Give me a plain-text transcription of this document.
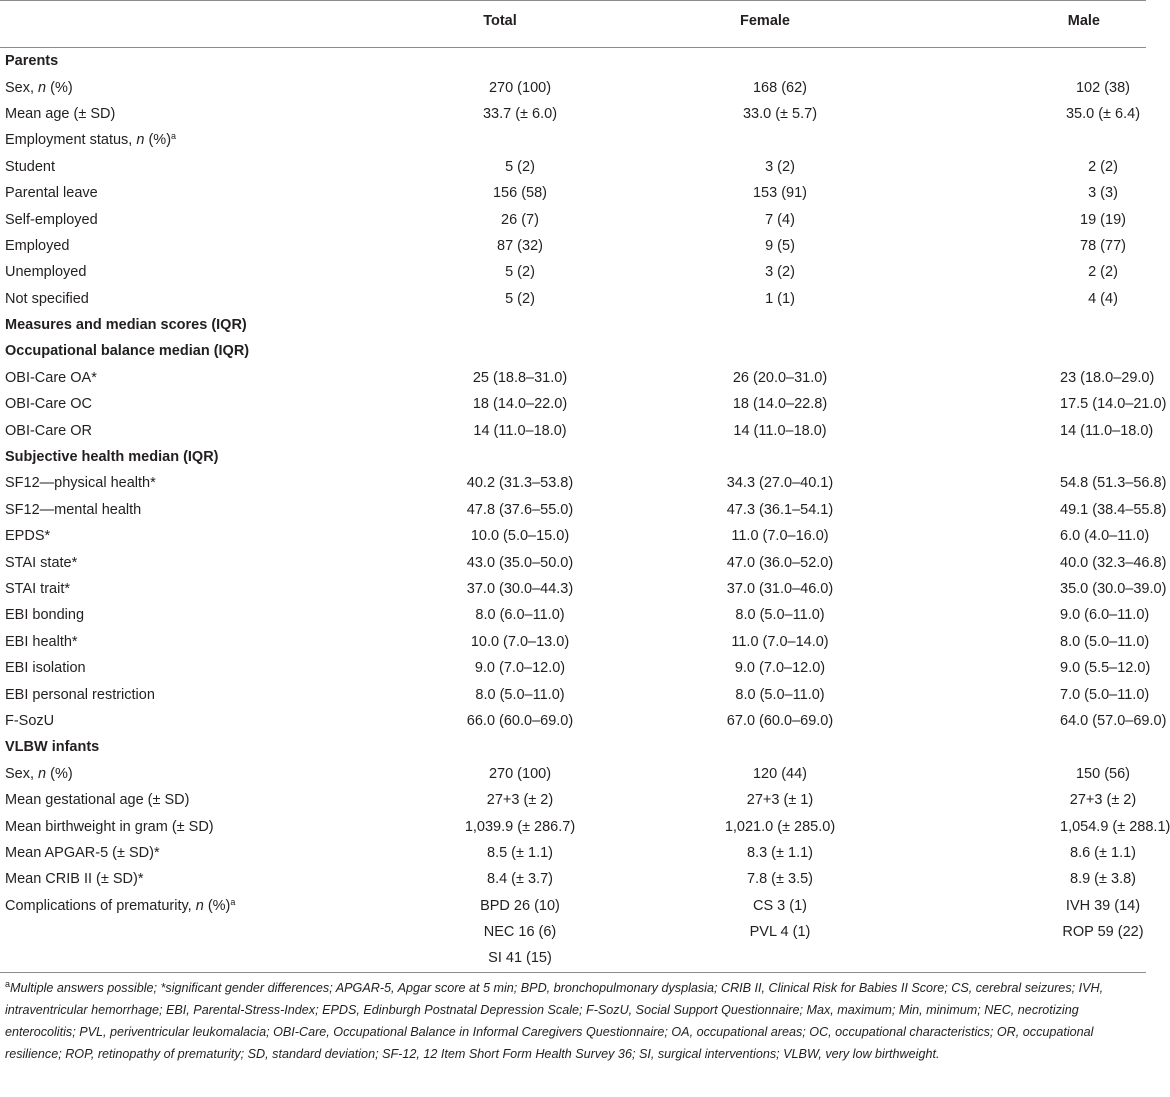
	Total	Female	Male
Parents			
Sex, n (%)	270 (100)	168 (62)	102 (38)
Mean age (± SD)	33.7 (± 6.0)	33.0 (± 5.7)	35.0 (± 6.4)
Employment status, n (%)$^a$			
Student	5 (2)	3 (2)	2 (2)
Parental leave	156 (58)	153 (91)	3 (3)
Self-employed	26 (7)	7 (4)	19 (19)
Employed	87 (32)	9 (5)	78 (77)
Unemployed	5 (2)	3 (2)	2 (2)
Not specified	5 (2)	1 (1)	4 (4)
Measures and median scores (IQR)			
Occupational balance median (IQR)			
OBI-Care OA*	25 (18.8–31.0)	26 (20.0–31.0)	23 (18.0–29.0)
OBI-Care OC	18 (14.0–22.0)	18 (14.0–22.8)	17.5 (14.0–21.0)
OBI-Care OR	14 (11.0–18.0)	14 (11.0–18.0)	14 (11.0–18.0)
Subjective health median (IQR)			
SF12—physical health*	40.2 (31.3–53.8)	34.3 (27.0–40.1)	54.8 (51.3–56.8)
SF12—mental health	47.8 (37.6–55.0)	47.3 (36.1–54.1)	49.1 (38.4–55.8)
EPDS*	10.0 (5.0–15.0)	11.0 (7.0–16.0)	6.0 (4.0–11.0)
STAI state*	43.0 (35.0–50.0)	47.0 (36.0–52.0)	40.0 (32.3–46.8)
STAI trait*	37.0 (30.0–44.3)	37.0 (31.0–46.0)	35.0 (30.0–39.0)
EBI bonding	8.0 (6.0–11.0)	8.0 (5.0–11.0)	9.0 (6.0–11.0)
EBI health*	10.0 (7.0–13.0)	11.0 (7.0–14.0)	8.0 (5.0–11.0)
EBI isolation	9.0 (7.0–12.0)	9.0 (7.0–12.0)	9.0 (5.5–12.0)
EBI personal restriction	8.0 (5.0–11.0)	8.0 (5.0–11.0)	7.0 (5.0–11.0)
F-SozU	66.0 (60.0–69.0)	67.0 (60.0–69.0)	64.0 (57.0–69.0)
VLBW infants			
Sex, n (%)	270 (100)	120 (44)	150 (56)
Mean gestational age (± SD)	27+3 (± 2)	27+3 (± 1)	27+3 (± 2)
Mean birthweight in gram (± SD)	1,039.9 (± 286.7)	1,021.0 (± 285.0)	1,054.9 (± 288.1)
Mean APGAR-5 (± SD)*	8.5 (± 1.1)	8.3 (± 1.1)	8.6 (± 1.1)
Mean CRIB II (± SD)*	8.4 (± 3.7)	7.8 (± 3.5)	8.9 (± 3.8)
Complications of prematurity, n (%)$^a$	BPD 26 (10)	CS 3 (1)	IVH 39 (14)
	NEC 16 (6)	PVL 4 (1)	ROP 59 (22)
	SI 41 (15)		
$^a$Multiple answers possible; *significant gender differences; APGAR-5, Apgar score at 5 min; BPD, bronchopulmonary dysplasia; CRIB II, Clinical Risk for Babies II Score; CS, cerebral seizures; IVH, intraventricular hemorrhage; EBI, Parental-Stress-Index; EPDS, Edinburgh Postnatal Depression Scale; F-SozU, Social Support Questionnaire; Max, maximum; Min, minimum; NEC, necrotizing enterocolitis; PVL, periventricular leukomalacia; OBI-Care, Occupational Balance in Informal Caregivers Questionnaire; OA, occupational areas; OC, occupational characteristics; OR, occupational resilience; ROP, retinopathy of prematurity; SD, standard deviation; SF-12, 12 Item Short Form Health Survey 36; SI, surgical interventions; VLBW, very low birthweight.
